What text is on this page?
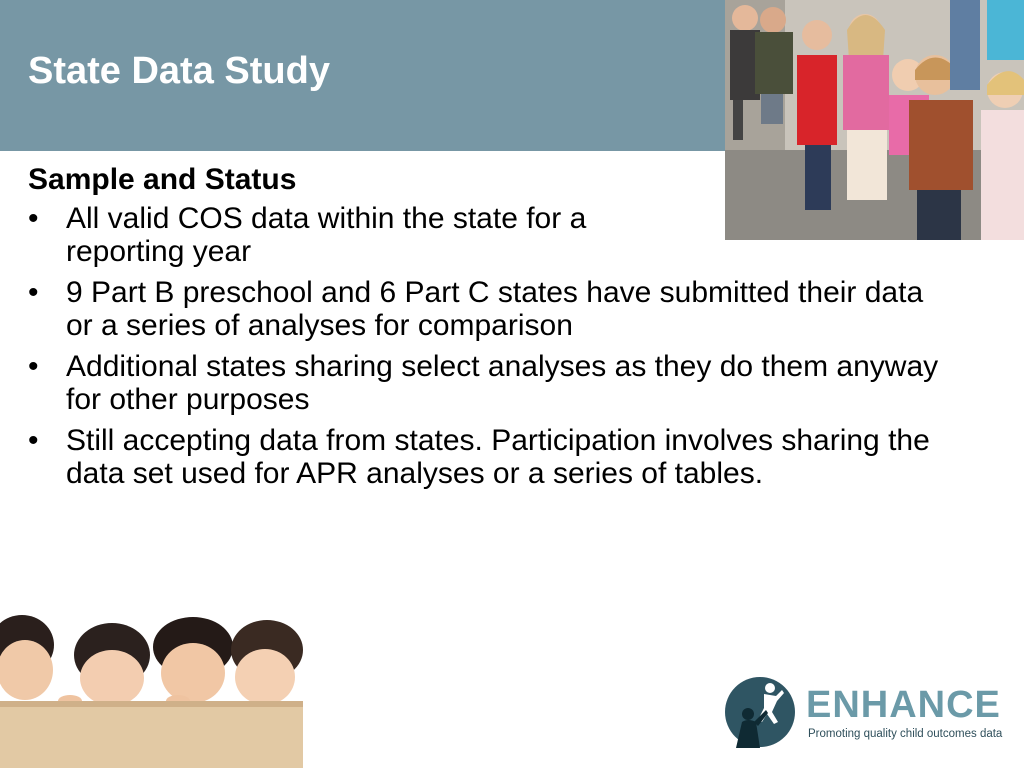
State Data Study

Sample and Status

• All valid COS data within the state for a reporting year
• 9 Part B preschool and 6 Part C states have submitted their data or a series of analyses for comparison
• Additional states sharing select analyses as they do them anyway for other purposes
• Still accepting data from states. Participation involves sharing the data set used for APR analyses or a series of tables.
ENHANCE
Promoting quality child outcomes data
